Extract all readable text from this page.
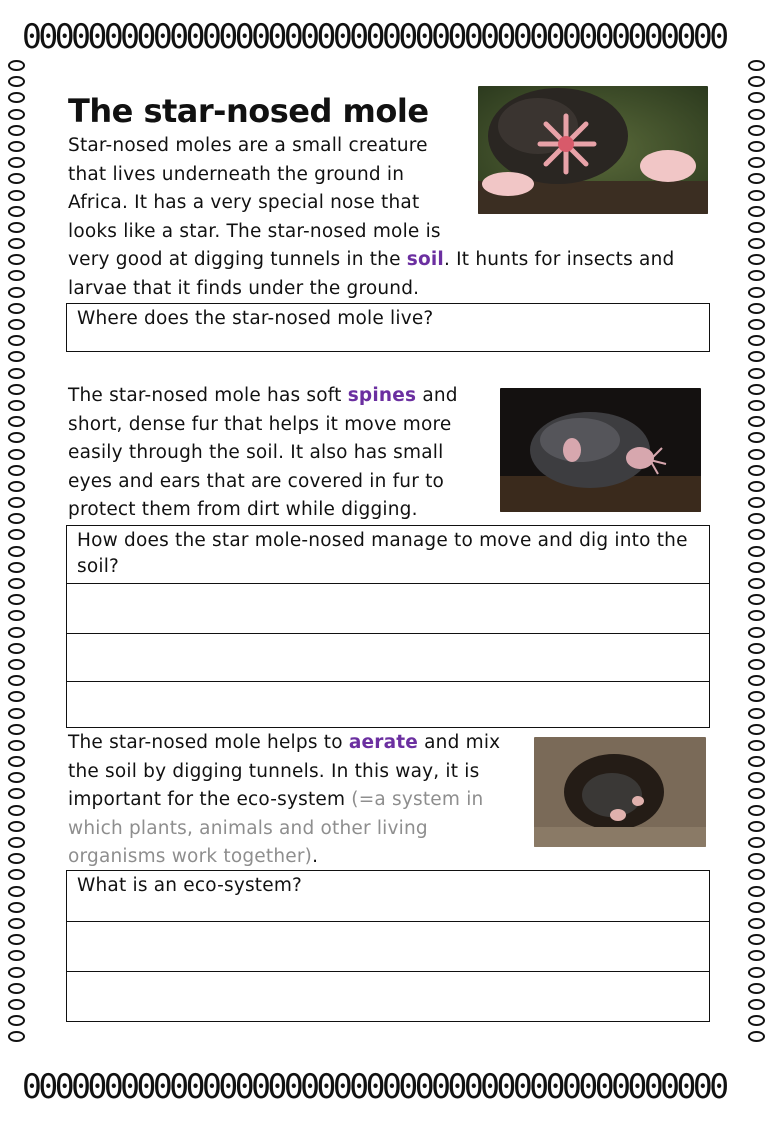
0000000000000000000000000000000000000000000
0000000000000000000000000000000000000000000
The star-nosed mole

Star-nosed moles are a small creature that lives underneath the ground in Africa. It has a very special nose that looks like a star. The star-nosed mole is very good at digging tunnels in the soil. It hunts for insects and larvae that it finds under the ground.

Where does the star-nosed mole live?

The star-nosed mole has soft spines and short, dense fur that helps it move more easily through the soil. It also has small eyes and ears that are covered in fur to protect them from dirt while digging.

How does the star mole-nosed manage to move and dig into the soil?

The star-nosed mole helps to aerate and mix the soil by digging tunnels. In this way, it is important for the eco-system (=a system in which plants, animals and other living organisms work together).

What is an eco-system?
